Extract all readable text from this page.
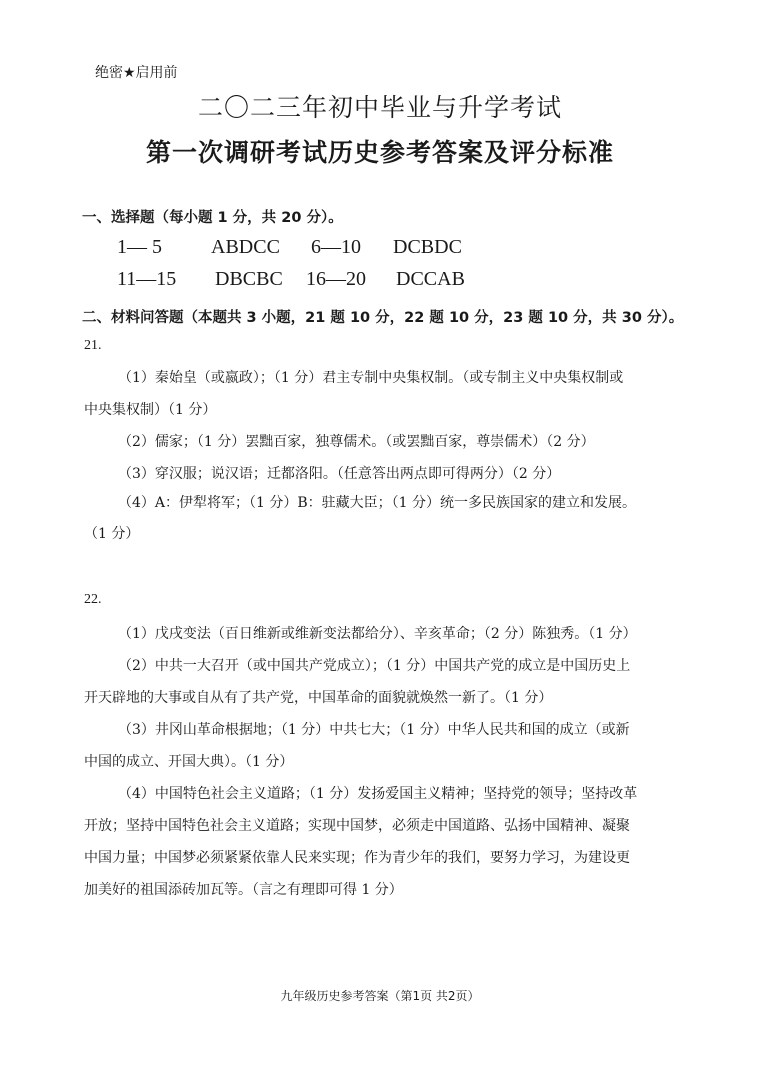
绝密★启用前
二〇二三年初中毕业与升学考试
第一次调研考试历史参考答案及评分标准
一、选择题（每小题 1 分，共 20 分）。
1— 5 ABDCC 6—10 DCBDC
11—15 DBCBC 16—20 DCCAB
二、材料问答题（本题共 3 小题，21 题 10 分，22 题 10 分，23 题 10 分，共 30 分）。
21.
（1）秦始皇（或嬴政）；（1 分）君主专制中央集权制。（或专制主义中央集权制或
中央集权制）（1 分）
（2）儒家；（1 分）罢黜百家，独尊儒术。（或罢黜百家，尊崇儒术）（2 分）
（3）穿汉服；说汉语；迁都洛阳。（任意答出两点即可得两分）（2 分）
（4）A：伊犁将军；（1 分）B：驻藏大臣；（1 分）统一多民族国家的建立和发展。
（1 分）
22.
（1）戊戌变法（百日维新或维新变法都给分）、辛亥革命；（2 分）陈独秀。（1 分）
（2）中共一大召开（或中国共产党成立）；（1 分）中国共产党的成立是中国历史上
开天辟地的大事或自从有了共产党，中国革命的面貌就焕然一新了。（1 分）
（3）井冈山革命根据地；（1 分）中共七大；（1 分）中华人民共和国的成立（或新
中国的成立、开国大典）。（1 分）
（4）中国特色社会主义道路；（1 分）发扬爱国主义精神；坚持党的领导；坚持改革
开放；坚持中国特色社会主义道路；实现中国梦，必须走中国道路、弘扬中国精神、凝聚
中国力量；中国梦必须紧紧依靠人民来实现；作为青少年的我们，要努力学习，为建设更
加美好的祖国添砖加瓦等。（言之有理即可得 1 分）
九年级历史参考答案（第1页 共2页）
